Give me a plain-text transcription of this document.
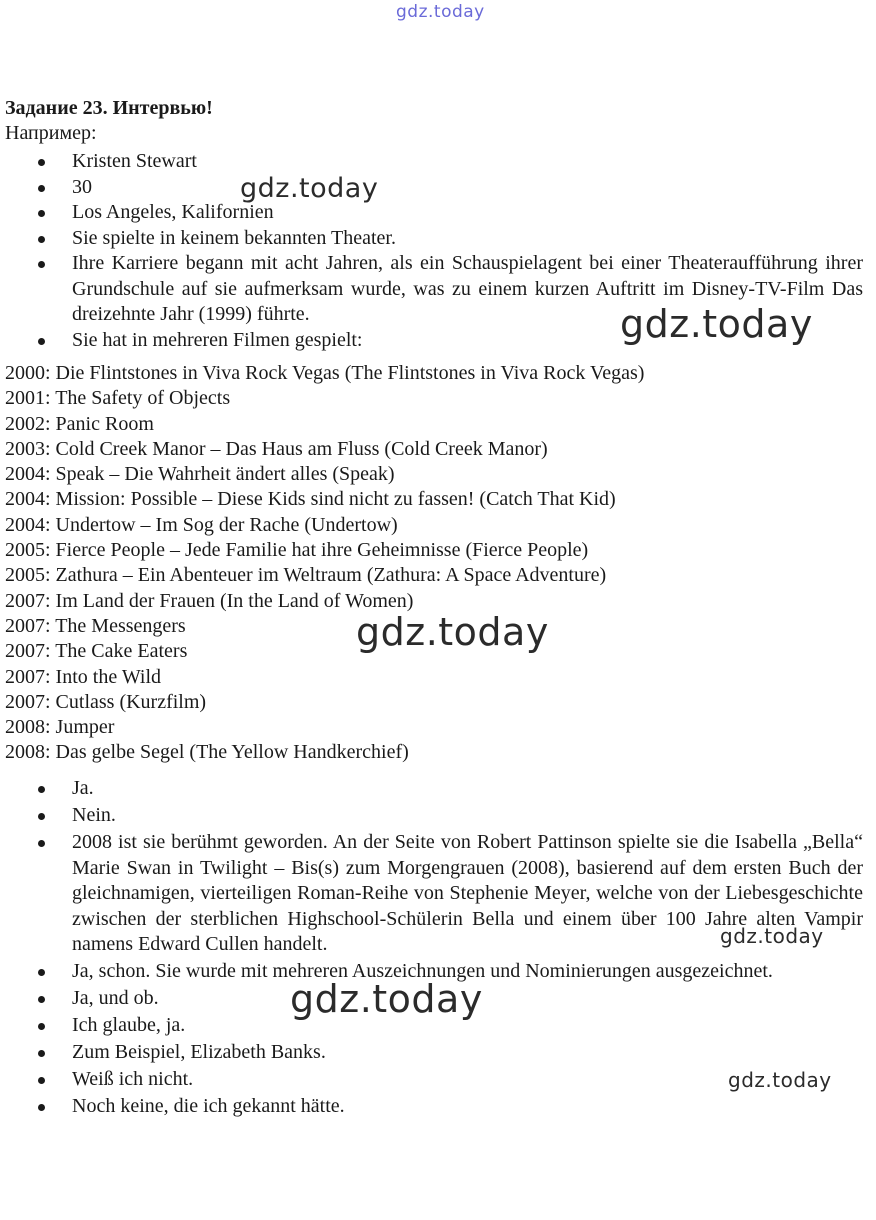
gdz.today
Задание 23. Интервью!
Например:
Kristen Stewart
30
Los Angeles, Kalifornien
Sie spielte in keinem bekannten Theater.
Ihre Karriere begann mit acht Jahren, als ein Schauspielagent bei einer Theateraufführung ihrer Grundschule auf sie aufmerksam wurde, was zu einem kurzen Auftritt im Disney-TV-Film Das dreizehnte Jahr (1999) führte.
Sie hat in mehreren Filmen gespielt:
2000: Die Flintstones in Viva Rock Vegas (The Flintstones in Viva Rock Vegas)
2001: The Safety of Objects
2002: Panic Room
2003: Cold Creek Manor – Das Haus am Fluss (Cold Creek Manor)
2004: Speak – Die Wahrheit ändert alles (Speak)
2004: Mission: Possible – Diese Kids sind nicht zu fassen! (Catch That Kid)
2004: Undertow – Im Sog der Rache (Undertow)
2005: Fierce People – Jede Familie hat ihre Geheimnisse (Fierce People)
2005: Zathura – Ein Abenteuer im Weltraum (Zathura: A Space Adventure)
2007: Im Land der Frauen (In the Land of Women)
2007: The Messengers
2007: The Cake Eaters
2007: Into the Wild
2007: Cutlass (Kurzfilm)
2008: Jumper
2008: Das gelbe Segel (The Yellow Handkerchief)
Ja.
Nein.
2008 ist sie berühmt geworden. An der Seite von Robert Pattinson spielte sie die Isabella „Bella“ Marie Swan in Twilight – Bis(s) zum Morgengrauen (2008), basierend auf dem ersten Buch der gleichnamigen, vierteiligen Roman-Reihe von Stephenie Meyer, welche von der Liebesgeschichte zwischen der sterblichen Highschool-Schülerin Bella und einem über 100 Jahre alten Vampir namens Edward Cullen handelt.
Ja, schon. Sie wurde mit mehreren Auszeichnungen und Nominierungen ausgezeichnet.
Ja, und ob.
Ich glaube, ja.
Zum Beispiel, Elizabeth Banks.
Weiß ich nicht.
Noch keine, die ich gekannt hätte.
gdz.today
gdz.today
gdz.today
gdz.today
gdz.today
gdz.today
